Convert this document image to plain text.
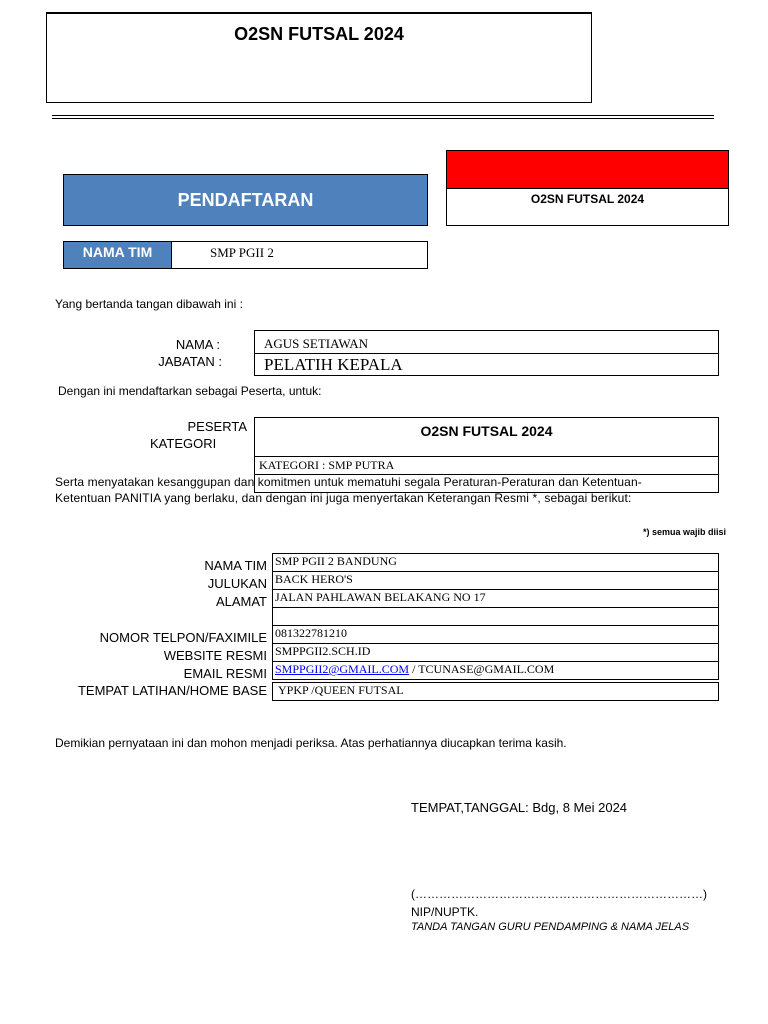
O2SN FUTSAL 2024
O2SN FUTSAL 2024
PENDAFTARAN
NAMA TIM	SMP PGII 2
Yang bertanda tangan dibawah ini :
NAMA :
JABATAN :
AGUS SETIAWAN
PELATIH KEPALA
Dengan ini mendaftarkan sebagai Peserta, untuk:
PESERTA
KATEGORI
O2SN FUTSAL 2024
KATEGORI : SMP PUTRA
Serta menyatakan kesanggupan dan komitmen untuk mematuhi segala Peraturan-Peraturan dan Ketentuan-
Ketentuan PANITIA yang berlaku, dan dengan ini juga menyertakan Keterangan Resmi *, sebagai berikut:
*) semua wajib diisi
NAMA TIM
JULUKAN
ALAMAT
NOMOR TELPON/FAXIMILE
WEBSITE RESMI
EMAIL RESMI
TEMPAT LATIHAN/HOME BASE
SMP PGII 2 BANDUNG
BACK HERO'S
JALAN PAHLAWAN BELAKANG NO 17
081322781210
SMPPGII2.SCH.ID
SMPPGII2@GMAIL.COM / TCUNASE@GMAIL.COM
YPKP /QUEEN FUTSAL
Demikian pernyataan ini dan mohon menjadi periksa. Atas perhatiannya diucapkan terima kasih.
TEMPAT,TANGGAL: Bdg, 8 Mei 2024
(………………………………………………………………)
NIP/NUPTK.
TANDA TANGAN GURU PENDAMPING & NAMA JELAS
